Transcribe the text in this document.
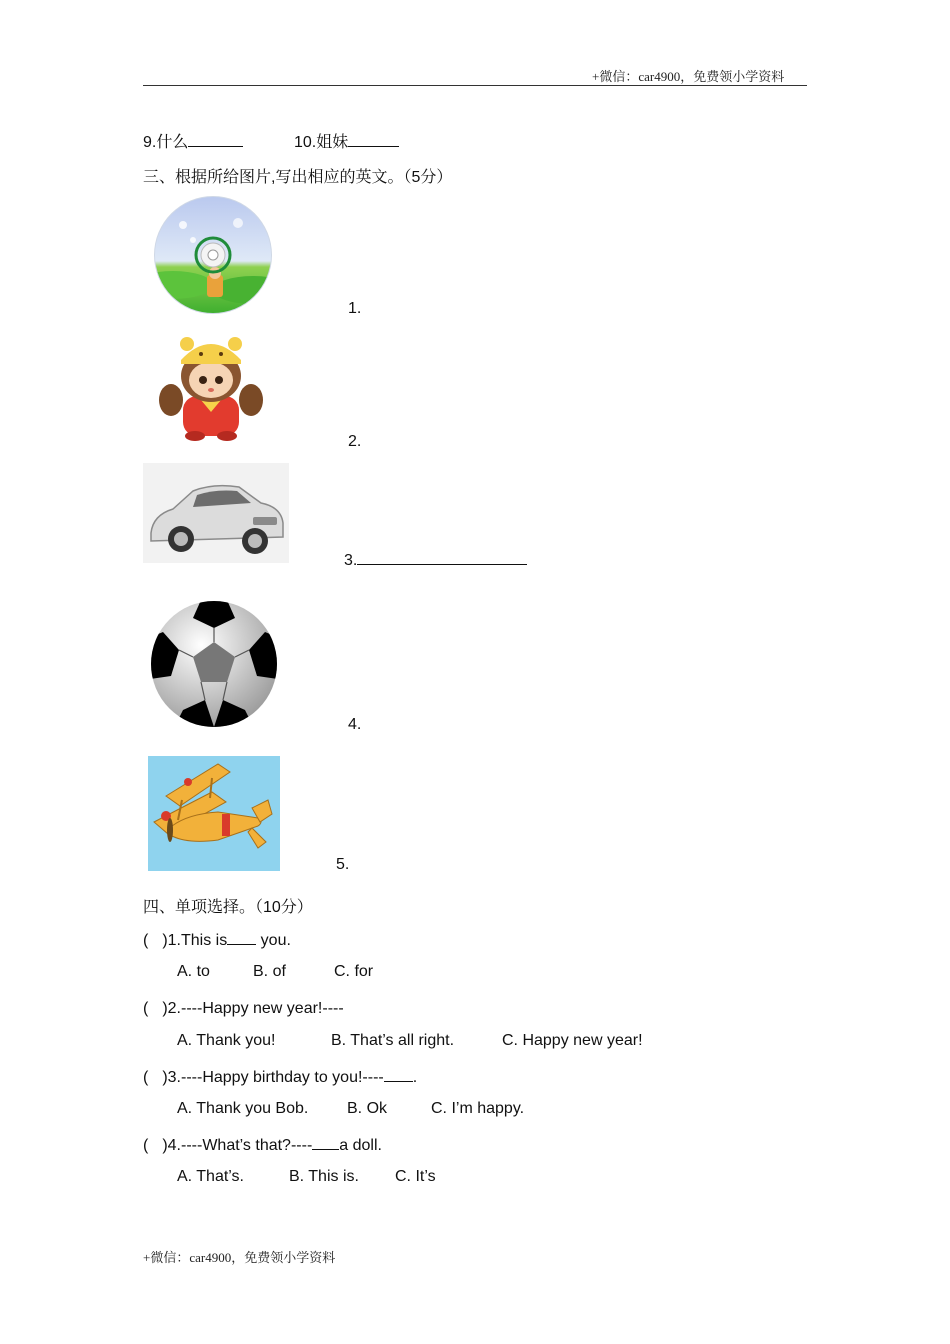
+微信：car4900，免费领小学资料
9.什么	10.姐妹
三、根据所给图片,写出相应的英文。（5分）
1.
2.
3.
4.
5.
四、单项选择。（10分）
( )1.This is you.
A. to	B. of	C. for
( )2.----Happy new year!----
A. Thank you!	B. That’s all right.	C. Happy new year!
( )3.----Happy birthday to you!---- .
A. Thank you Bob. B. Ok	C. I’m happy.
( )4.----What’s that?---- a doll.
A. That’s.	B. This is. C. It’s
+微信：car4900，免费领小学资料
